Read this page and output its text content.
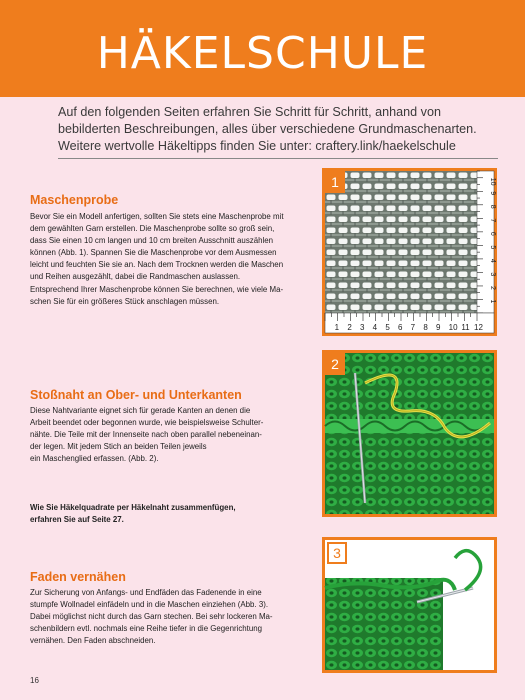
HÄKELSCHULE
Auf den folgenden Seiten erfahren Sie Schritt für Schritt, anhand von
bebilderten Beschreibungen, alles über verschiedene Grundmaschenarten.
Weitere wertvolle Häkeltipps finden Sie unter: craftery.link/haekelschule
Maschenprobe

Bevor Sie ein Modell anfertigen, sollten Sie stets eine Maschenprobe mit

dem gewählten Garn erstellen. Die Maschenprobe sollte so groß sein,

dass Sie einen 10 cm langen und 10 cm breiten Ausschnitt auszählen

können (Abb. 1). Spannen Sie die Maschenprobe vor dem Ausmessen

leicht und feuchten Sie sie an. Nach dem Trocknen werden die Maschen

und Reihen ausgezählt, dabei die Randmaschen auslassen.

Entsprechend Ihrer Maschenprobe können Sie berechnen, wie viele Ma-

schen Sie für ein größeres Stück anschlagen müssen.

Stoßnaht an Ober- und Unterkanten

Diese Nahtvariante eignet sich für gerade Kanten an denen die

Arbeit beendet oder begonnen wurde, wie beispielsweise Schulter-

nähte. Die Teile mit der Innenseite nach oben parallel nebeneinan-

der legen. Mit jedem Stich an beiden Teilen jeweils

ein Maschenglied erfassen. (Abb. 2).

Wie Sie Häkelquadrate per Häkelnaht zusammenfügen,
erfahren Sie auf Seite 27.
Faden vernähen

Zur Sicherung von Anfangs- und Endfäden das Fadenende in eine

stumpfe Wollnadel einfädeln und in die Maschen einziehen (Abb. 3).

Dabei möglichst nicht durch das Garn stechen. Bei sehr lockeren Ma-

schenbildern evtl. nochmals eine Reihe tiefer in die Gegenrichtung

vernähen. Den Faden abschneiden.

1
2
3
4
5
6
7
8
9
10
1 2 3 4 5 6 7 8 9 10 11 12
1
2
3
16
